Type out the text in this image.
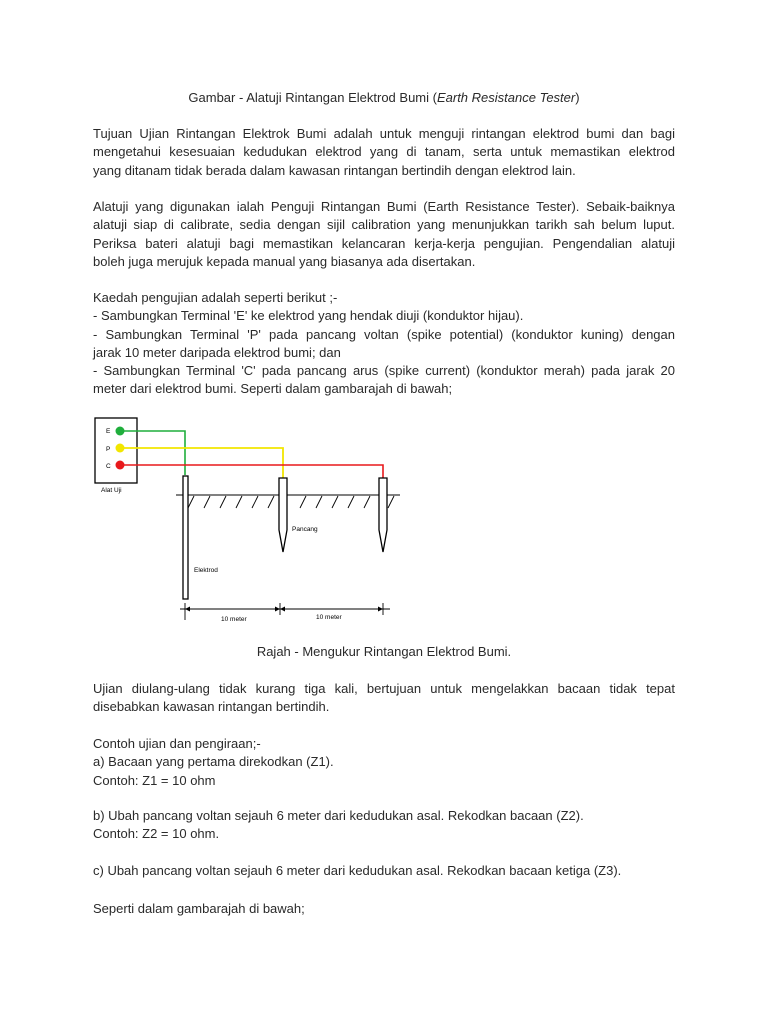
Gambar - Alatuji Rintangan Elektrod Bumi (Earth Resistance Tester)

Tujuan Ujian Rintangan Elektrok Bumi adalah untuk menguji rintangan elektrod bumi dan bagi
mengetahui kesesuaian kedudukan elektrod yang di tanam, serta untuk memastikan elektrod
yang ditanam tidak berada dalam kawasan rintangan bertindih dengan elektrod lain.

Alatuji yang digunakan ialah Penguji Rintangan Bumi (Earth Resistance Tester). Sebaik-baiknya
alatuji siap di calibrate, sedia dengan sijil calibration yang menunjukkan tarikh sah belum luput.
Periksa bateri alatuji bagi memastikan kelancaran kerja-kerja pengujian. Pengendalian alatuji
boleh juga merujuk kepada manual yang biasanya ada disertakan.

Kaedah pengujian adalah seperti berikut ;-
- Sambungkan Terminal 'E' ke elektrod yang hendak diuji (konduktor hijau).
- Sambungkan Terminal 'P' pada pancang voltan (spike potential) (konduktor kuning) dengan
jarak 10 meter daripada elektrod bumi; dan
- Sambungkan Terminal 'C' pada pancang arus (spike current) (konduktor merah) pada jarak 20
meter dari elektrod bumi. Seperti dalam gambarajah di bawah;

E
P
C
Alat Uji
Elektrod
Pancang
10 meter	10 meter

Rajah - Mengukur Rintangan Elektrod Bumi.

Ujian diulang-ulang tidak kurang tiga kali, bertujuan untuk mengelakkan bacaan tidak tepat
disebabkan kawasan rintangan bertindih.

Contoh ujian dan pengiraan;-
a) Bacaan yang pertama direkodkan (Z1).
Contoh: Z1 = 10 ohm

b) Ubah pancang voltan sejauh 6 meter dari kedudukan asal. Rekodkan bacaan (Z2).
Contoh: Z2 = 10 ohm.

c) Ubah pancang voltan sejauh 6 meter dari kedudukan asal. Rekodkan bacaan ketiga (Z3).

Seperti dalam gambarajah di bawah;
